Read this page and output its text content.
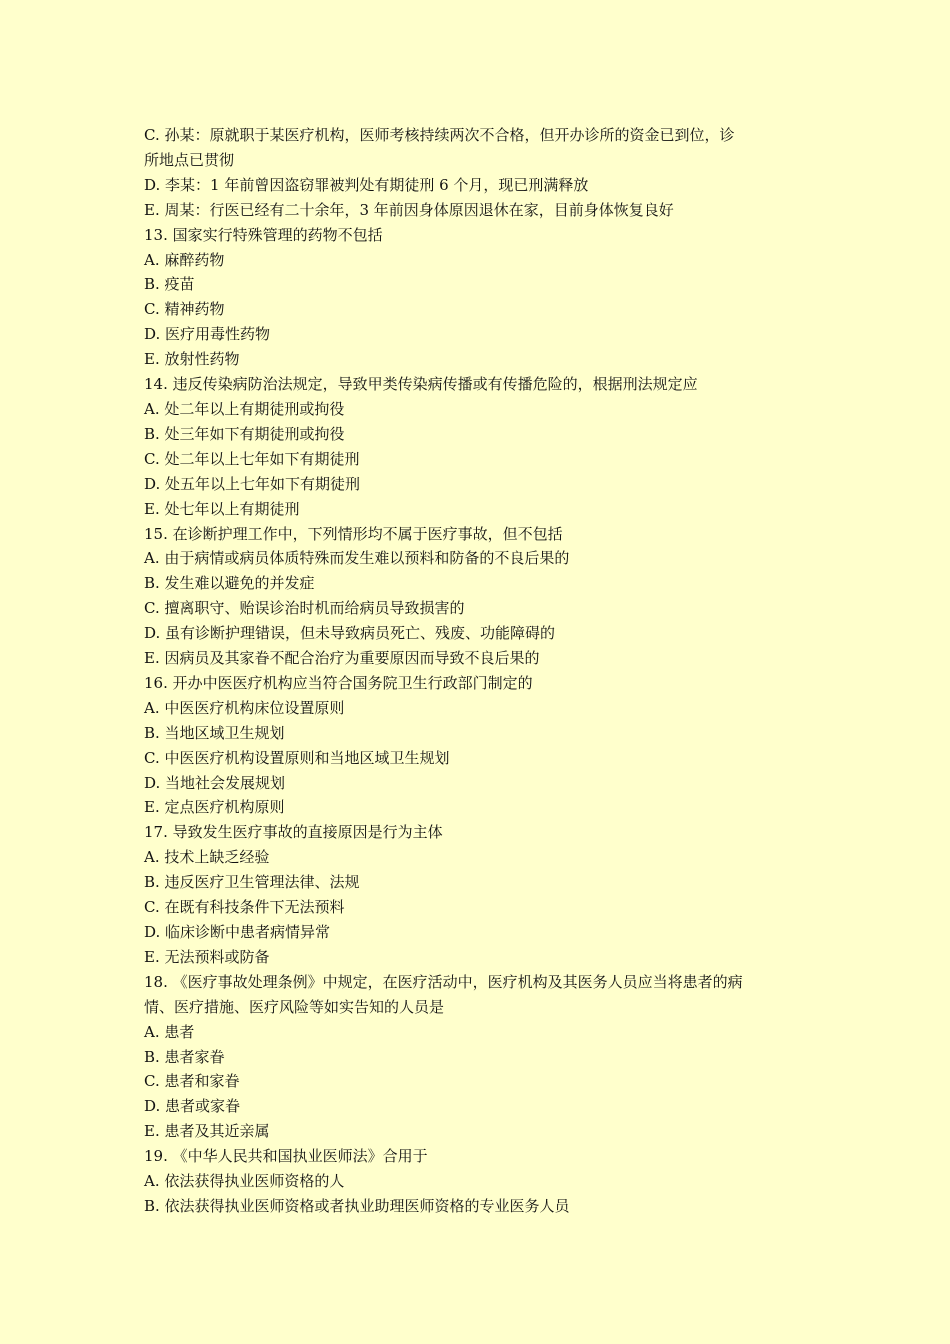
C. 孙某：原就职于某医疗机构，医师考核持续两次不合格，但开办诊所的资金已到位，诊
所地点已贯彻
D. 李某：1 年前曾因盗窃罪被判处有期徒刑 6 个月，现已刑满释放
E. 周某：行医已经有二十余年，3 年前因身体原因退休在家，目前身体恢复良好
13. 国家实行特殊管理的药物不包括
A. 麻醉药物
B. 疫苗
C. 精神药物
D. 医疗用毒性药物
E. 放射性药物
14. 违反传染病防治法规定，导致甲类传染病传播或有传播危险的，根据刑法规定应
A. 处二年以上有期徒刑或拘役
B. 处三年如下有期徒刑或拘役
C. 处二年以上七年如下有期徒刑
D. 处五年以上七年如下有期徒刑
E. 处七年以上有期徒刑
15. 在诊断护理工作中，下列情形均不属于医疗事故，但不包括
A. 由于病情或病员体质特殊而发生难以预料和防备的不良后果的
B. 发生难以避免的并发症
C. 擅离职守、贻误诊治时机而给病员导致损害的
D. 虽有诊断护理错误，但未导致病员死亡、残废、功能障碍的
E. 因病员及其家眷不配合治疗为重要原因而导致不良后果的
16. 开办中医医疗机构应当符合国务院卫生行政部门制定的
A. 中医医疗机构床位设置原则
B. 当地区域卫生规划
C. 中医医疗机构设置原则和当地区域卫生规划
D. 当地社会发展规划
E. 定点医疗机构原则
17. 导致发生医疗事故的直接原因是行为主体
A. 技术上缺乏经验
B. 违反医疗卫生管理法律、法规
C. 在既有科技条件下无法预料
D. 临床诊断中患者病情异常
E. 无法预料或防备
18. 《医疗事故处理条例》中规定，在医疗活动中，医疗机构及其医务人员应当将患者的病
情、医疗措施、医疗风险等如实告知的人员是
A. 患者
B. 患者家眷
C. 患者和家眷
D. 患者或家眷
E. 患者及其近亲属
19. 《中华人民共和国执业医师法》合用于
A. 依法获得执业医师资格的人
B. 依法获得执业医师资格或者执业助理医师资格的专业医务人员
